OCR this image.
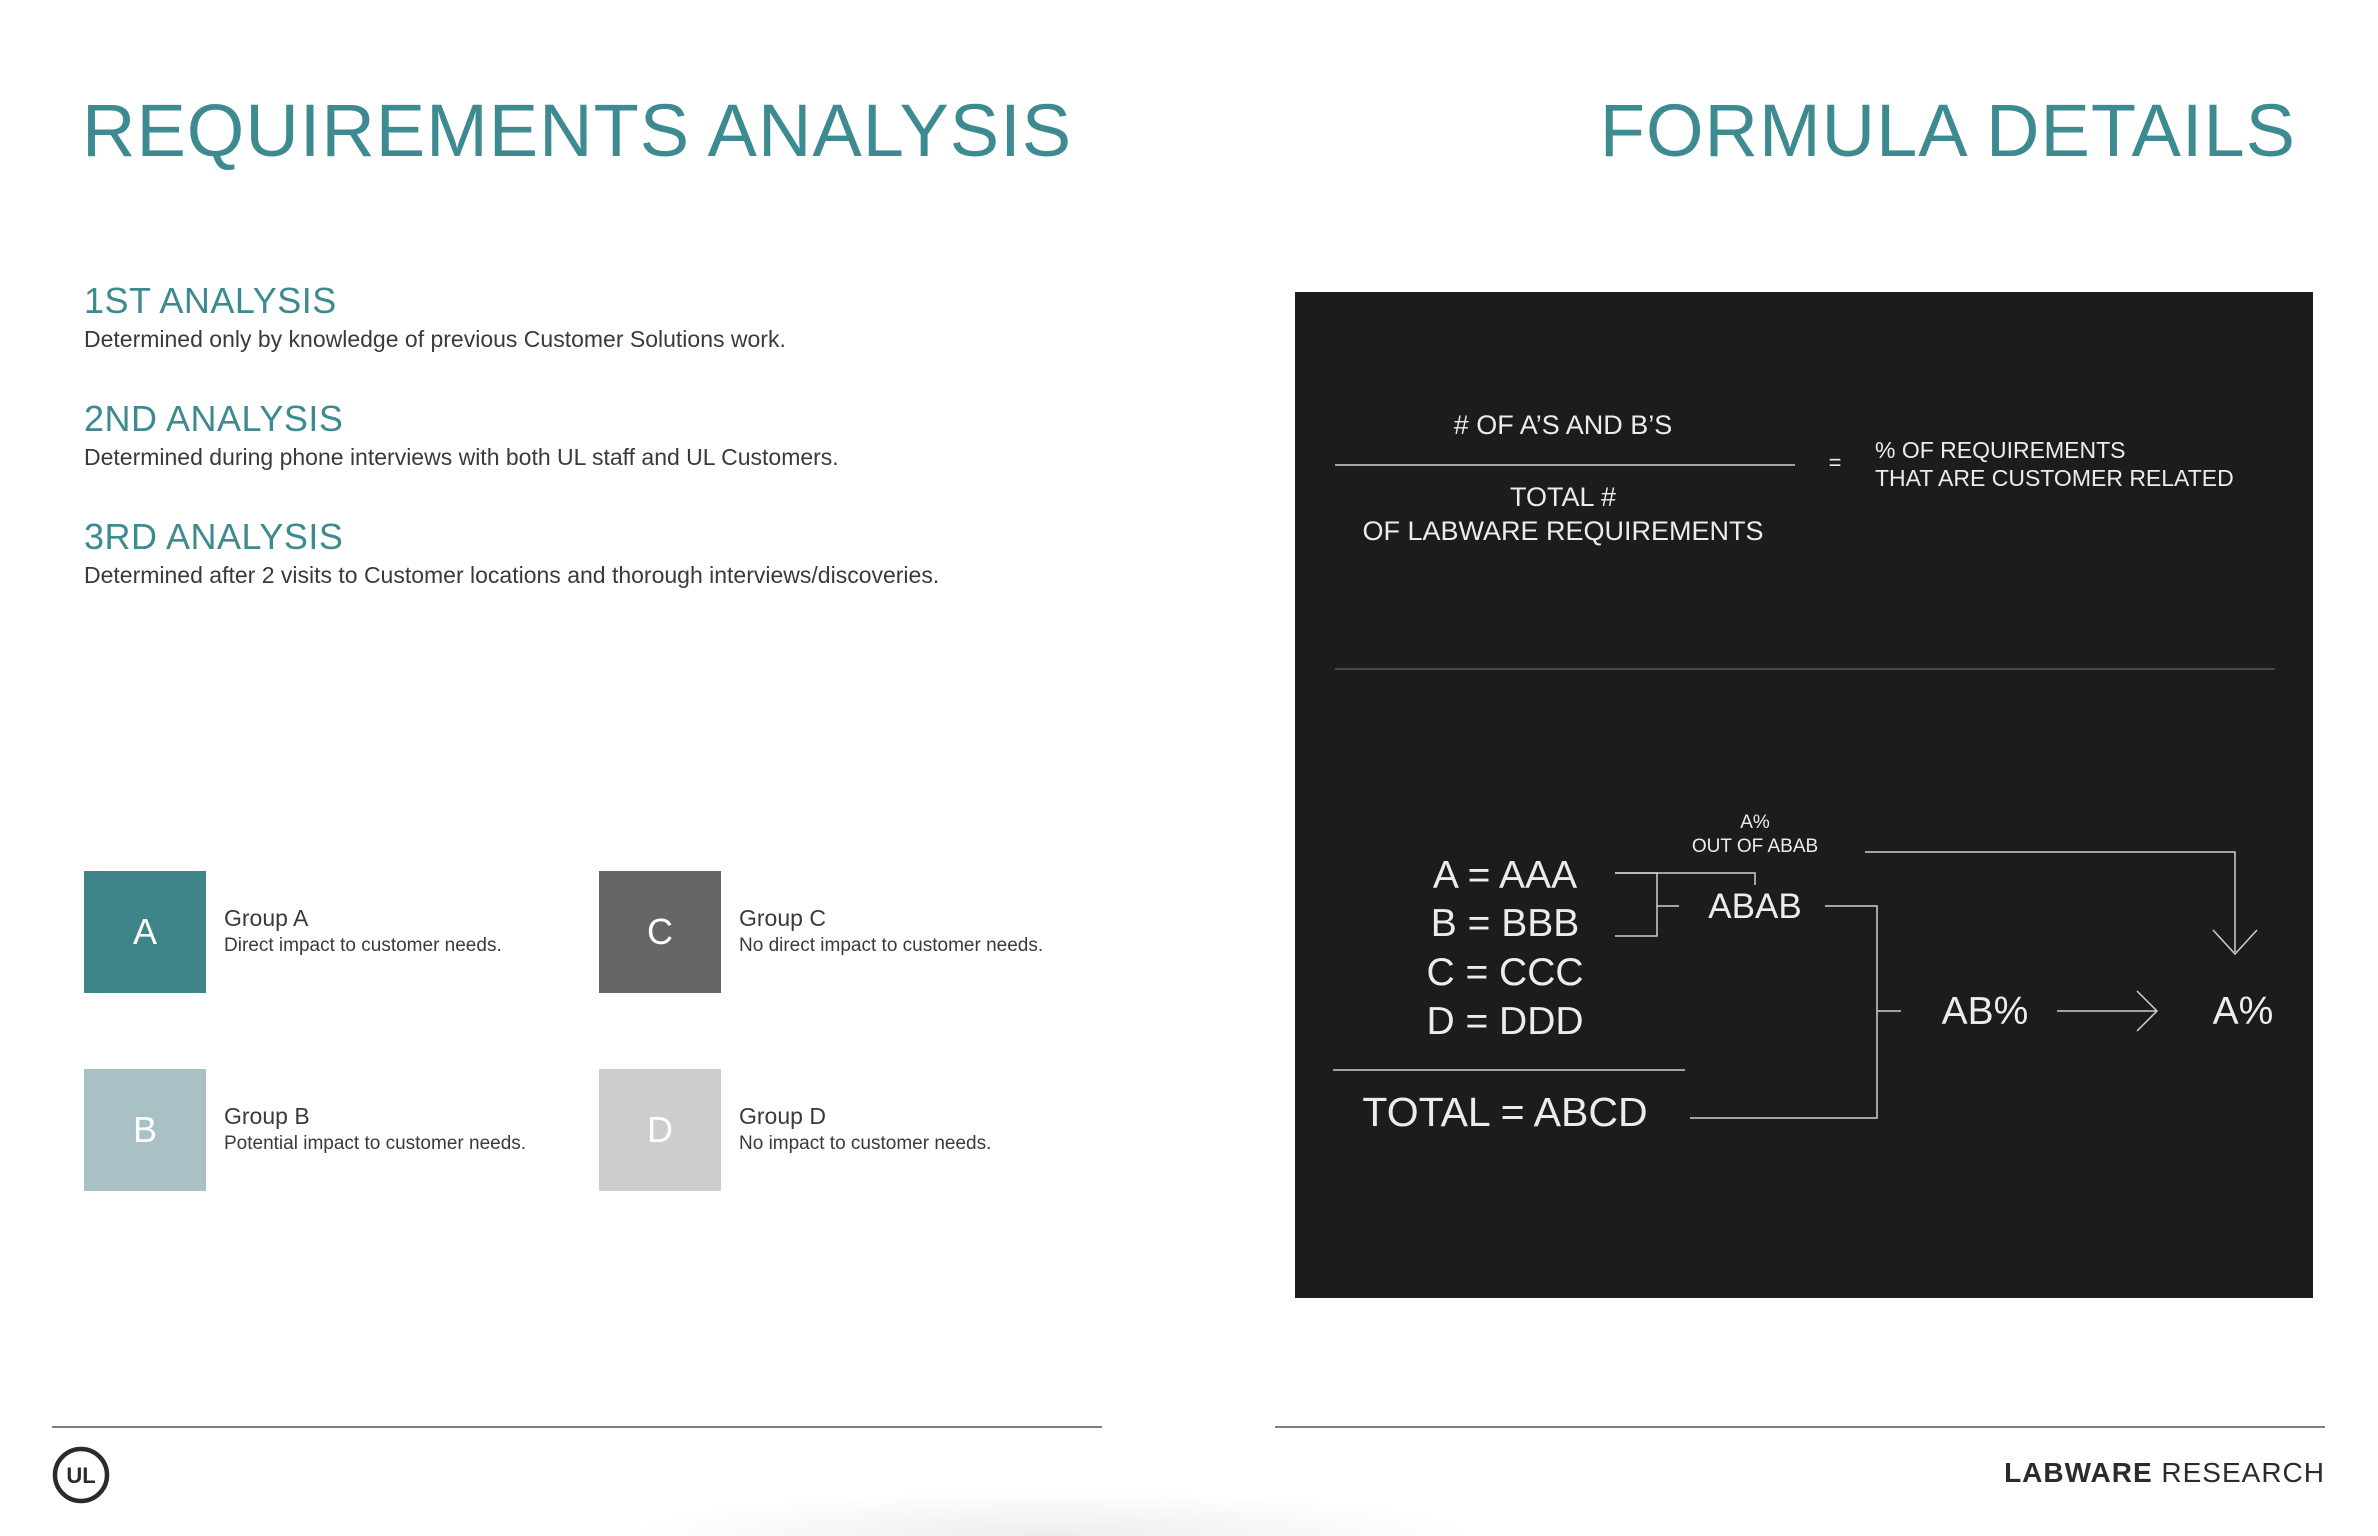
REQUIREMENTS ANALYSIS	FORMULA DETAILS
1ST ANALYSIS

Determined only by knowledge of previous Customer Solutions work.

2ND ANALYSIS

Determined during phone interviews with both UL staff and UL Customers.

3RD ANALYSIS

Determined after 2 visits to Customer locations and thorough interviews/discoveries.

A	Group A
Direct impact to customer needs.
B	Group B
Potential impact to customer needs.
C	Group C
No direct impact to customer needs.
D	Group D
No impact to customer needs.
# OF A’S AND B’S
TOTAL #
OF LABWARE REQUIREMENTS
= % OF REQUIREMENTS
THAT ARE CUSTOMER RELATED
A = AAA
B = BBB
C = CCC
D = DDD
TOTAL = ABCD
ABAB
A%
OUT OF ABAB
AB%	A%
UL	LABWARE RESEARCH
